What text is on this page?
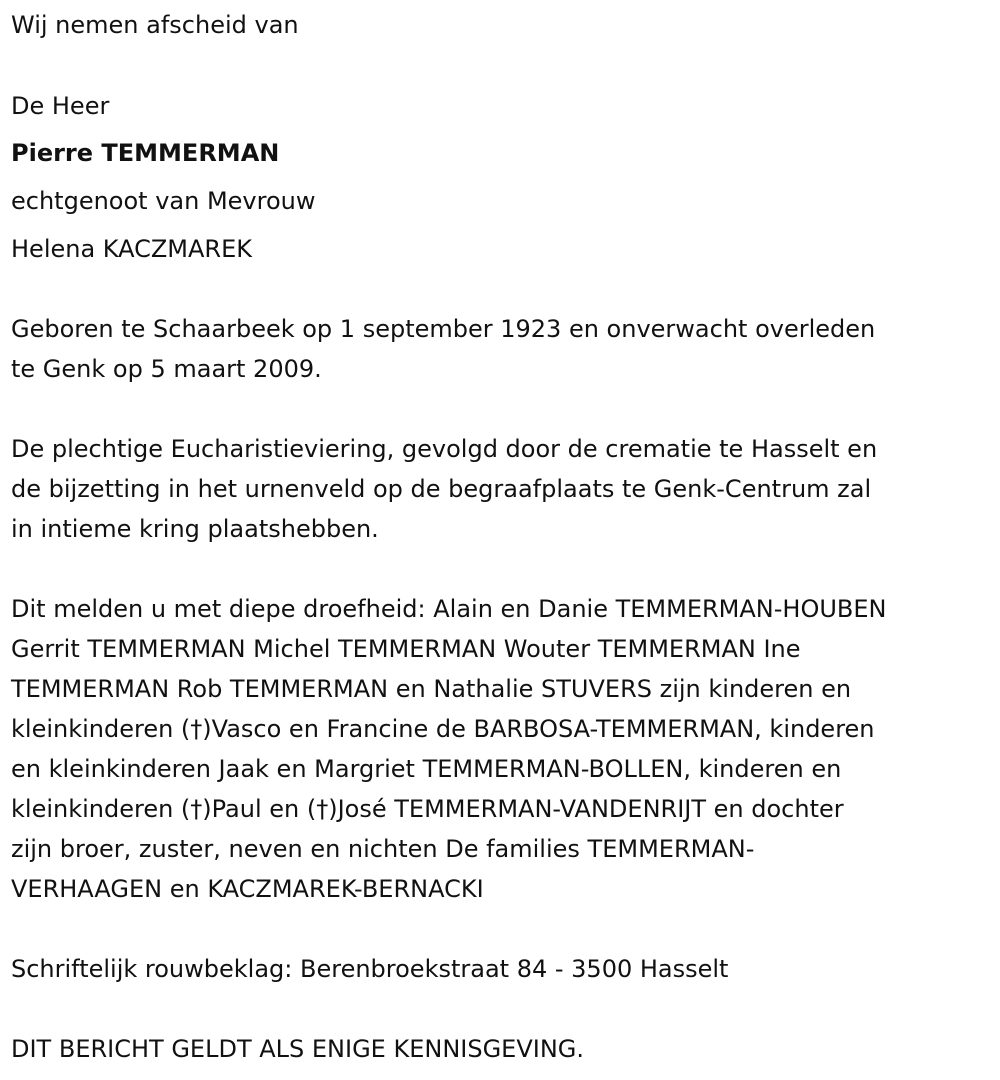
Wij nemen afscheid van
De Heer
Pierre TEMMERMAN
echtgenoot van Mevrouw
Helena KACZMAREK
Geboren te Schaarbeek op 1 september 1923 en onverwacht overleden
te Genk op 5 maart 2009.
De plechtige Eucharistieviering, gevolgd door de crematie te Hasselt en
de bijzetting in het urnenveld op de begraafplaats te Genk-Centrum zal
in intieme kring plaatshebben.
Dit melden u met diepe droefheid: Alain en Danie TEMMERMAN-HOUBEN
Gerrit TEMMERMAN Michel TEMMERMAN Wouter TEMMERMAN Ine
TEMMERMAN Rob TEMMERMAN en Nathalie STUVERS zijn kinderen en
kleinkinderen (†)Vasco en Francine de BARBOSA-TEMMERMAN, kinderen
en kleinkinderen Jaak en Margriet TEMMERMAN-BOLLEN, kinderen en
kleinkinderen (†)Paul en (†)José TEMMERMAN-VANDENRIJT en dochter
zijn broer, zuster, neven en nichten De families TEMMERMAN-
VERHAAGEN en KACZMAREK-BERNACKI
Schriftelijk rouwbeklag: Berenbroekstraat 84 - 3500 Hasselt
DIT BERICHT GELDT ALS ENIGE KENNISGEVING.
